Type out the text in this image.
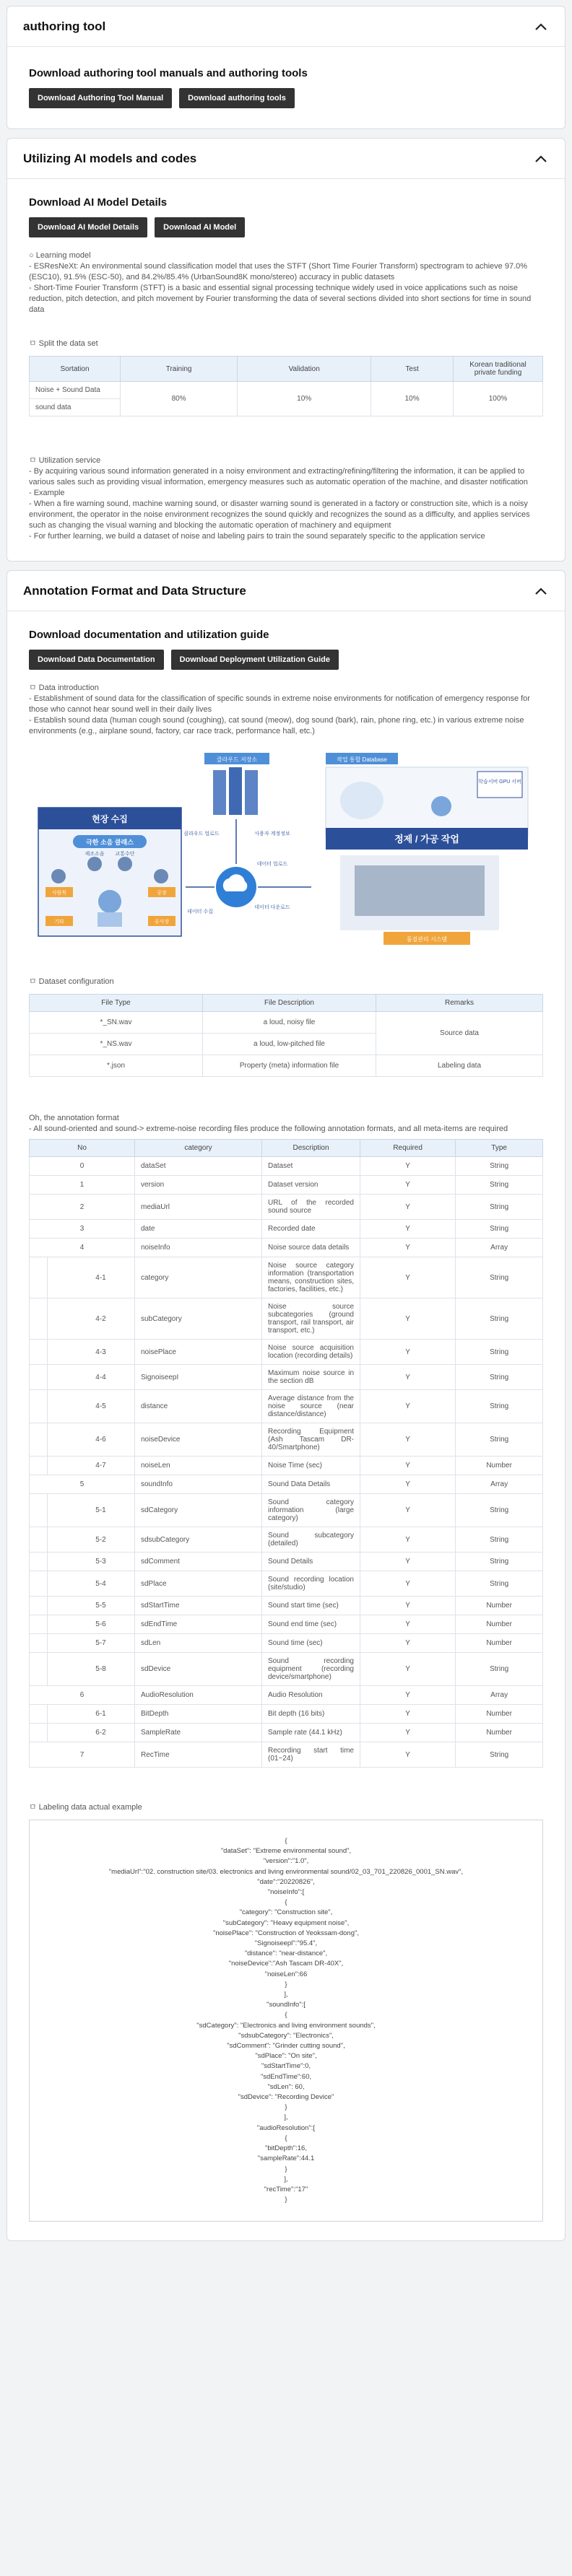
authoring tool
Download authoring tool manuals and authoring tools
Download Authoring Tool Manual	Download authoring tools
Utilizing AI models and codes
Download AI Model Details
Download AI Model Details	Download AI Model
○ Learning model
- ESResNeXt: An environmental sound classification model that uses the STFT (Short Time Fourier Transform) spectrogram to achieve 97.0% (ESC10), 91.5% (ESC-50), and 84.2%/85.4% (UrbanSound8K mono/stereo) accuracy in public datasets
- Short-Time Fourier Transform (STFT) is a basic and essential signal processing technique widely used in voice applications such as noise reduction, pitch detection, and pitch movement by Fourier transforming the data of several sections divided into short sections for time in sound data
ㅁ Split the data set
Sortation	Training	Validation	Test	Korean traditional private funding
Noise + Sound Data	80%	10%	10%	100%
sound data				
ㅁ Utilization service
- By acquiring various sound information generated in a noisy environment and extracting/refining/filtering the information, it can be applied to various sales such as providing visual information, emergency measures such as automatic operation of the machine, and disaster notification
- Example
- When a fire warning sound, machine warning sound, or disaster warning sound is generated in a factory or construction site, which is a noisy environment, the operator in the noise environment recognizes the sound quickly and recognizes the sound as a difficulty, and applies services such as changing the visual warning and blocking the automatic operation of machinery and equipment
- For further learning, we build a dataset of noise and labeling pairs to train the sound separately specific to the application service
Annotation Format and Data Structure
Download documentation and utilization guide
Download Data Documentation	Download Deployment Utilization Guide
ㅁ Data introduction
- Establishment of sound data for the classification of specific sounds in extreme noise environments for notification of emergency response for those who cannot hear sound well in their daily lives
- Establish sound data (human cough sound (coughing), cat sound (meow), dog sound (bark), rain, phone ring, etc.) in various extreme noise environments (e.g., airplane sound, factory, car race track, performance hall, etc.)
현장 수집
극한 소음 클래스
사람목
제조소음 교통수단
공장
기타	공사장
클라우드 저장소
클라우드 업로드	사용자 계정정보
데이터 수집
데이터 업로드
데이터 다운로드
작업 통합 Database
학습서버 GPU 서버
정제 / 가공 작업
품질관리 시스템
ㅁ Dataset configuration
File Type	File Description	Remarks
*_SN.wav	a loud, noisy file	Source data
*_NS.wav	a loud, low-pitched file	
*.json	Property (meta) information file	Labeling data
Oh, the annotation format
- All sound-oriented and sound-> extreme-noise recording files produce the following annotation formats, and all meta-items are required
No	category	Description	Required	Type
0	dataSet	Dataset	Y	String
1	version	Dataset version	Y	String
2	mediaUrl	URL of the recorded sound source	Y	String
3	date	Recorded date	Y	String
4	noiseInfo	Noise source data details	Y	Array
4-1	category	Noise source category information (transportation means, construction sites, factories, facilities, etc.)	Y	String
4-2	subCategory	Noise source subcategories (ground transport, rail transport, air transport, etc.)	Y	String
4-3	noisePlace	Noise source acquisition location (recording details)	Y	String
4-4	SignoiseepI	Maximum noise source in the section dB	Y	String
4-5	distance	Average distance from the noise source (near distance/distance)	Y	String
4-6	noiseDevice	Recording Equipment (Ash Tascam DR-40/Smartphone)	Y	String
4-7	noiseLen	Noise Time (sec)	Y	Number
5	soundInfo	Sound Data Details	Y	Array
5-1	sdCategory	Sound category information (large category)	Y	String
5-2	sdsubCategory	Sound subcategory (detailed)	Y	String
5-3	sdComment	Sound Details	Y	String
5-4	sdPlace	Sound recording location (site/studio)	Y	String
5-5	sdStartTime	Sound start time (sec)	Y	Number
5-6	sdEndTime	Sound end time (sec)	Y	Number
5-7	sdLen	Sound time (sec)	Y	Number
5-8	sdDevice	Sound recording equipment (recording device/smartphone)	Y	String
6	AudioResolution	Audio Resolution	Y	Array
6-1	BitDepth	Bit depth (16 bits)	Y	Number
6-2	SampleRate	Sample rate (44.1 kHz)	Y	Number
7	RecTime	Recording start time (01~24)	Y	String
ㅁ Labeling data actual example
{
"dataSet": "Extreme environmental sound",
"version":"1.0",
"mediaUrl":"02. construction site/03. electronics and living environmental sound/02_03_701_220826_0001_SN.wav",
"date":"20220826",
"noiseInfo":[
{
"category": "Construction site",
"subCategory": "Heavy equipment noise",
"noisePlace": "Construction of Yeokssam-dong",
"Signoiseepl":"95.4",
"distance": "near-distance",
"noiseDevice":"Ash Tascam DR-40X",
"noiseLen":66
}
],
"soundInfo":[
{
"sdCategory": "Electronics and living environment sounds",
"sdsubCategory": "Electronics",
"sdComment": "Grinder cutting sound",
"sdPlace": "On site",
"sdStartTime":0,
"sdEndTime":60,
"sdLen": 60,
"sdDevice": "Recording Device"
}
],
"audioResolution":[
{
"bitDepth":16,
"sampleRate":44.1
}
],
"recTime":"17"
}
